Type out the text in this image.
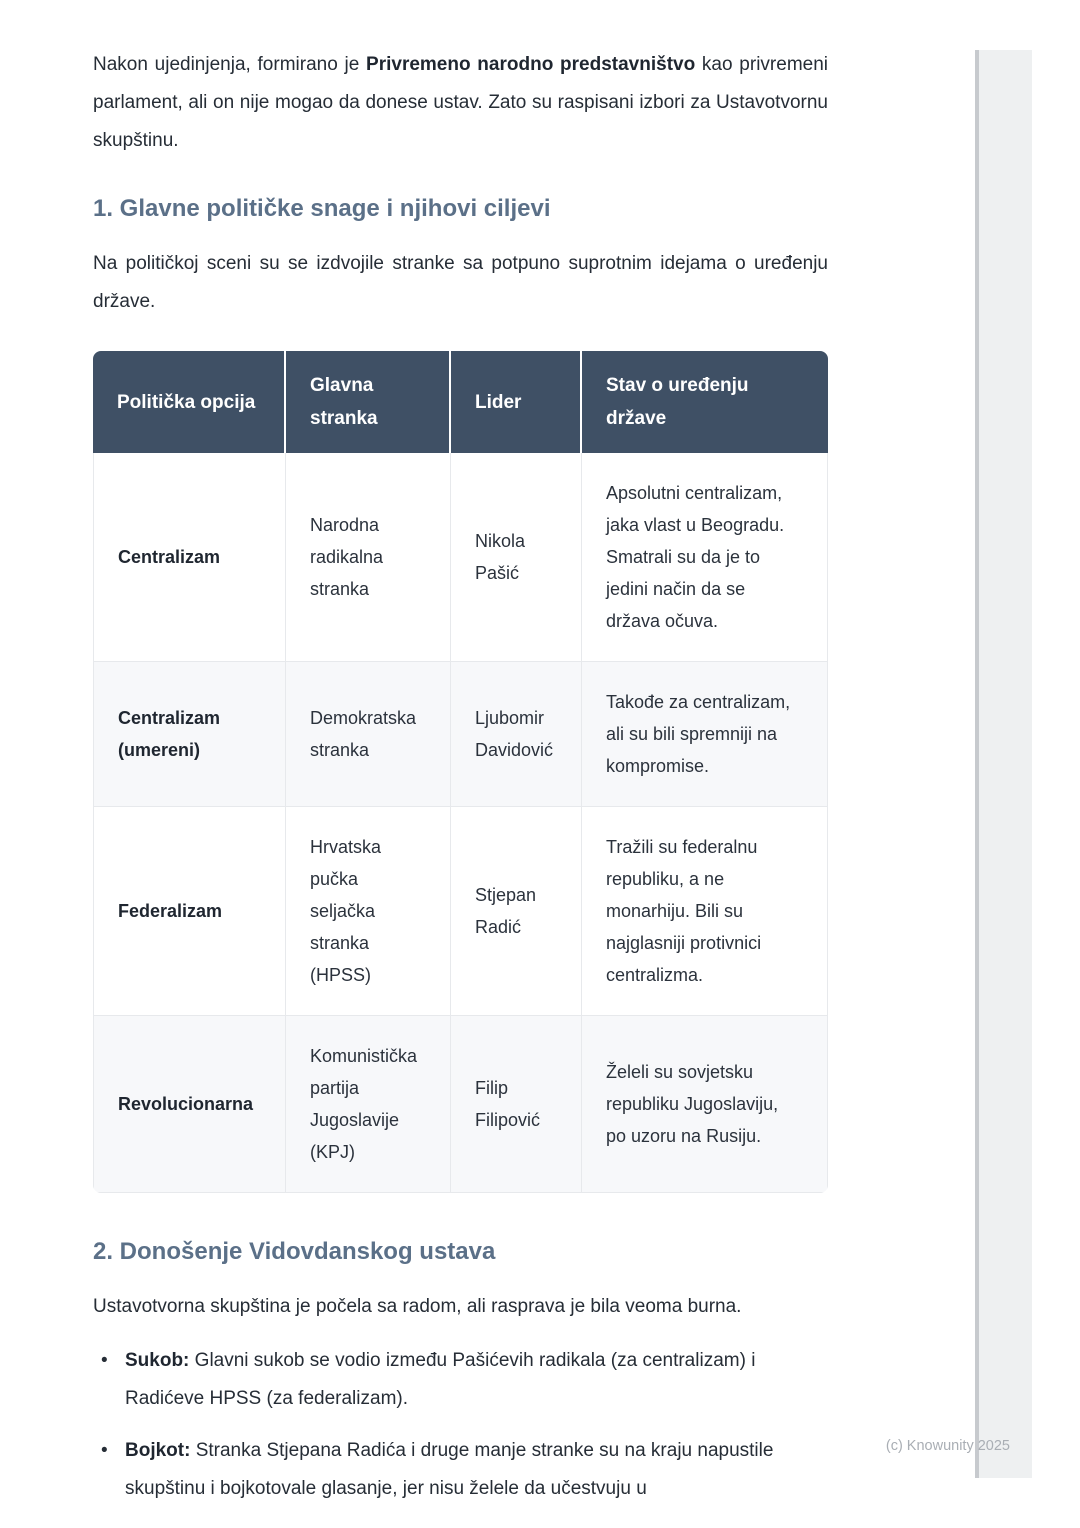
Nakon ujedinjenja, formirano je Privremeno narodno predstavništvo kao privremeni parlament, ali on nije mogao da donese ustav. Zato su raspisani izbori za Ustavotvornu skupštinu.

1. Glavne političke snage i njihovi ciljevi

Na političkoj sceni su se izdvojile stranke sa potpuno suprotnim idejama o uređenju države.

Politička opcija	Glavna stranka	Lider	Stav o uređenju države
Centralizam	Narodna radikalna stranka	Nikola Pašić	Apsolutni centralizam, jaka vlast u Beogradu. Smatrali su da je to jedini način da se država očuva.
Centralizam (umereni)	Demokratska stranka	Ljubomir Davidović	Takođe za centralizam, ali su bili spremniji na kompromise.
Federalizam	Hrvatska pučka seljačka stranka (HPSS)	Stjepan Radić	Tražili su federalnu republiku, a ne monarhiju. Bili su najglasniji protivnici centralizma.
Revolucionarna	Komunistička partija Jugoslavije (KPJ)	Filip Filipović	Želeli su sovjetsku republiku Jugoslaviju, po uzoru na Rusiju.
2. Donošenje Vidovdanskog ustava

Ustavotvorna skupština je počela sa radom, ali rasprava je bila veoma burna.

• Sukob: Glavni sukob se vodio između Pašićevih radikala (za centralizam) i Radićeve HPSS (za federalizam).
• Bojkot: Stranka Stjepana Radića i druge manje stranke su na kraju napustile skupštinu i bojkotovale glasanje, jer nisu želele da učestvuju u
(c) Knowunity 2025
